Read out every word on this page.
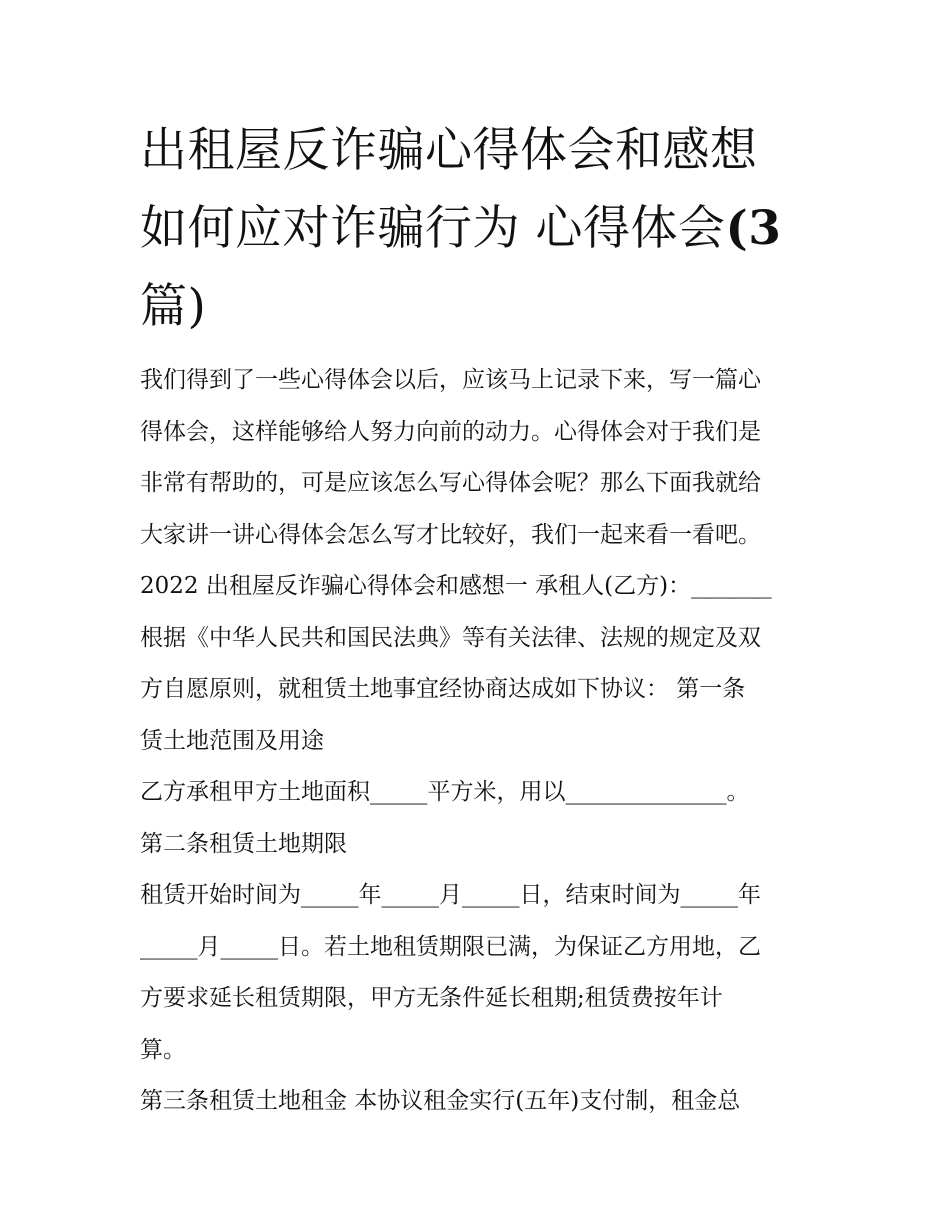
出租屋反诈骗心得体会和感想
如何应对诈骗行为 心得体会(3
篇)
我们得到了一些心得体会以后，应该马上记录下来，写一篇心
得体会，这样能够给人努力向前的动力。心得体会对于我们是
非常有帮助的，可是应该怎么写心得体会呢？那么下面我就给
大家讲一讲心得体会怎么写才比较好，我们一起来看一看吧。
2022 出租屋反诈骗心得体会和感想一 承租人(乙方)：_______
根据《中华人民共和国民法典》等有关法律、法规的规定及双
方自愿原则，就租赁土地事宜经协商达成如下协议： 第一条
赁土地范围及用途
乙方承租甲方土地面积_____平方米，用以______________。
第二条租赁土地期限
租赁开始时间为_____年_____月_____日，结束时间为_____年
_____月_____日。若土地租赁期限已满，为保证乙方用地，乙
方要求延长租赁期限，甲方无条件延长租期;租赁费按年计
算。
第三条租赁土地租金 本协议租金实行(五年)支付制，租金总
